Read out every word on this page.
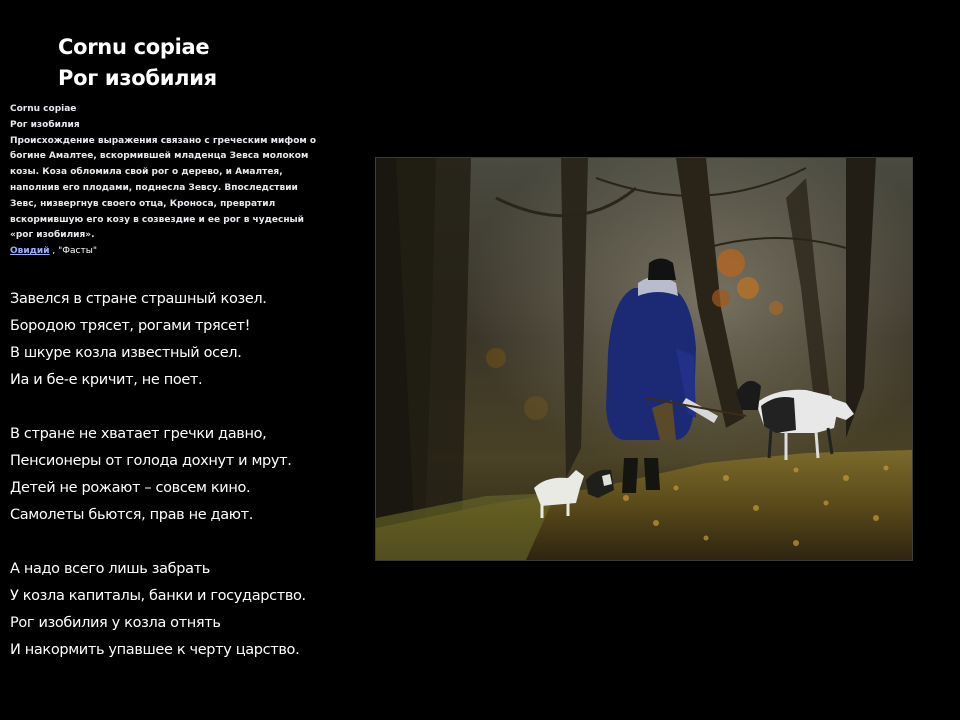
Cornu copiae
Рог изобилия
Cornu copiae
Рог изобилия
Происхождение выражения связано с греческим мифом о
богине Амалтее, вскормившей младенца Зевса молоком
козы. Коза обломила свой рог о дерево, и Амалтея,
наполнив его плодами, поднесла Зевсу. Впоследствии
Зевс, низвергнув своего отца, Кроноса, превратил
вскормившую его козу в созвездие и ее рог в чудесный
«рог изобилия».
Овидий , "Фасты"
Завелся в стране страшный козел.
Бородою трясет, рогами трясет!
В шкуре козла известный осел.
Иа и бе-е кричит, не поет.
В стране не хватает гречки давно,
Пенсионеры от голода дохнут и мрут.
Детей не рожают – совсем кино.
Самолеты бьются, прав не дают.
А надо всего лишь забрать
У козла капиталы, банки и государство.
Рог изобилия у козла отнять
И накормить упавшее к черту царство.
